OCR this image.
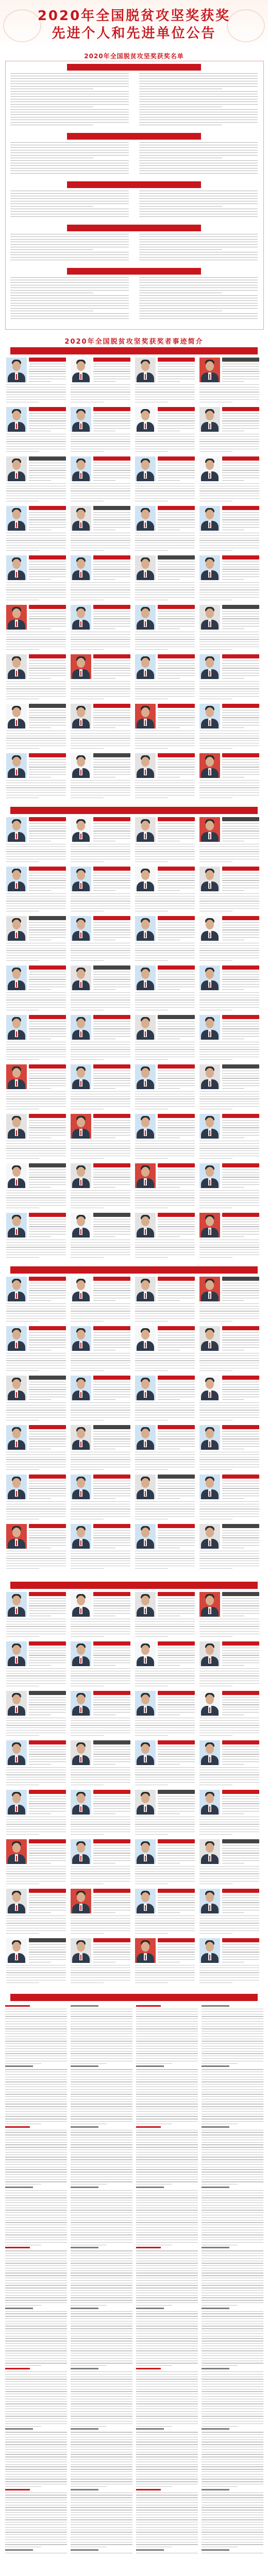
2020年全国脱贫攻坚奖获奖
先进个人和先进单位公告
2020年全国脱贫攻坚奖获奖名单
2020年全国脱贫攻坚奖获奖者事迹简介
